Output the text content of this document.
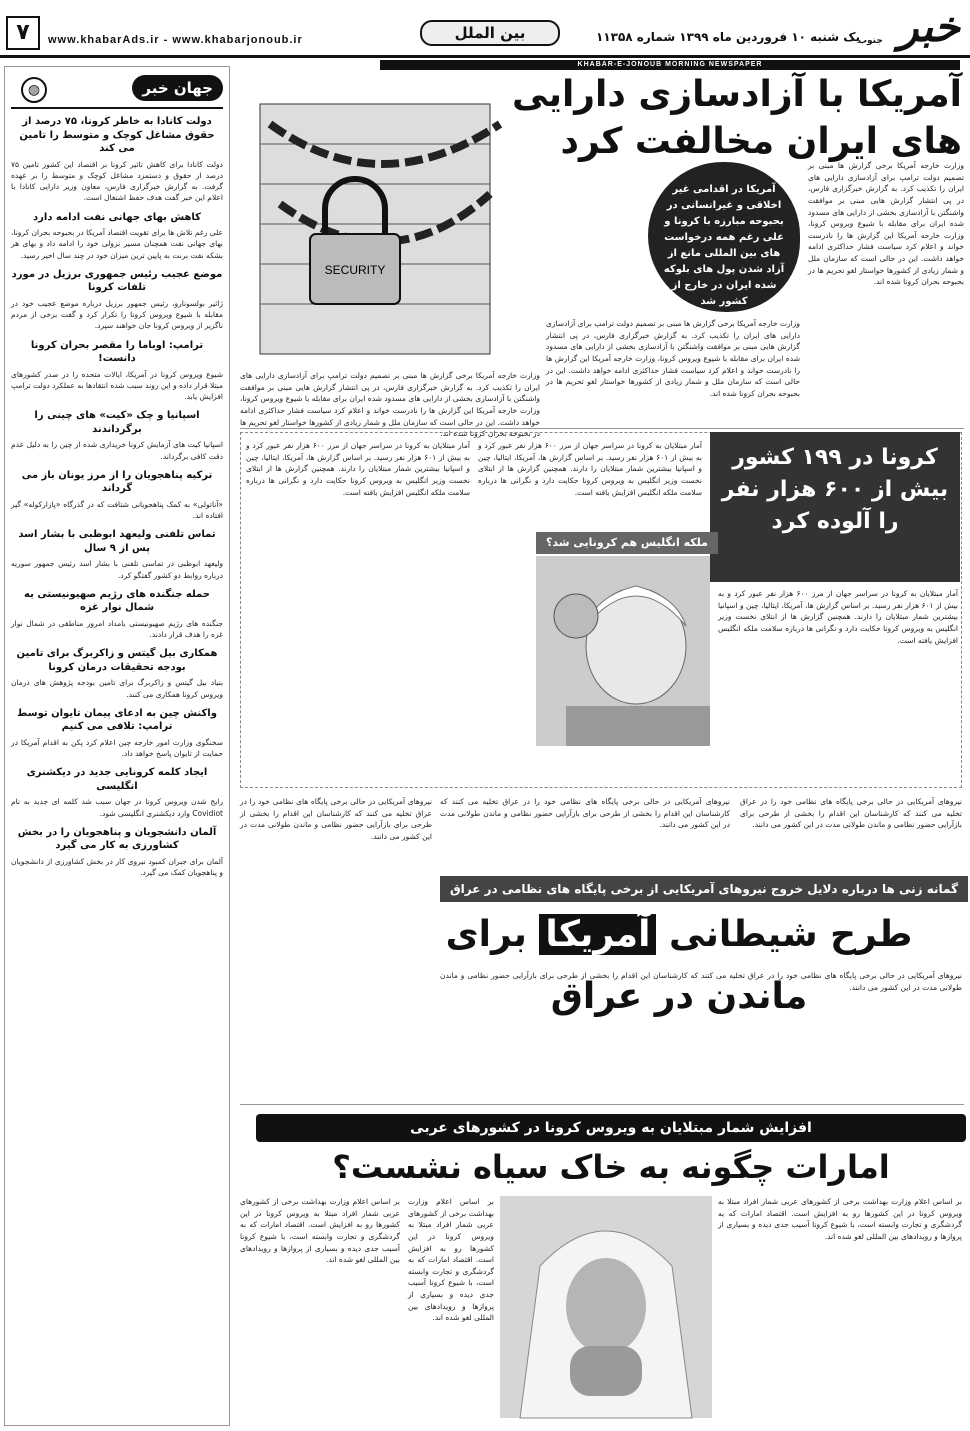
۷	www.khabarAds.ir - www.khabarjonoub.ir	بین الملل	یک شنبه ۱۰ فروردین ماه ۱۳۹۹ شماره ۱۱۳۵۸ خبر
جنوب
KHABAR-E-JONOUB MORNING NEWSPAPER
جهان خبر
◍
دولت کانادا به خاطر کرونا، ۷۵ درصد از حقوق مشاغل کوچک و متوسط را تامین می کند

دولت کانادا برای کاهش تاثیر کرونا بر اقتصاد این کشور تامین ۷۵ درصد از حقوق و دستمزد مشاغل کوچک و متوسط را بر عهده گرفت. به گزارش خبرگزاری فارس، معاون وزیر دارایی کانادا با اعلام این خبر گفت هدف حفظ اشتغال است.

کاهش بهای جهانی نفت ادامه دارد

علی رغم تلاش ها برای تقویت اقتصاد آمریکا در بحبوحه بحران کرونا، بهای جهانی نفت همچنان مسیر نزولی خود را ادامه داد و بهای هر بشکه نفت برنت به پایین ترین میزان خود در چند سال اخیر رسید.

موضع عجیب رئیس جمهوری برزیل در مورد تلفات کرونا

ژائیر بولسونارو، رئیس جمهور برزیل درباره موضع عجیب خود در مقابله با شیوع ویروس کرونا را تکرار کرد و گفت برخی از مردم ناگزیر از ویروس کرونا جان خواهند سپرد.

ترامپ: اوباما را مقصر بحران کرونا دانست!

شیوع ویروس کرونا در آمریکا، ایالات متحده را در صدر کشورهای مبتلا قرار داده و این روند سبب شده انتقادها به عملکرد دولت ترامپ افزایش یابد.

اسپانیا و چک «کیت» های چینی را برگرداندند

اسپانیا کیت های آزمایش کرونا خریداری شده از چین را به دلیل عدم دقت کافی برگرداند.

ترکیه پناهجویان را از مرز یونان باز می گرداند

«آناتولی» به کمک پناهجویانی شتافت که در گذرگاه «پازارکوله» گیر افتاده اند.

تماس تلفنی ولیعهد ابوظبی با بشار اسد پس از ۹ سال

ولیعهد ابوظبی در تماسی تلفنی با بشار اسد رئیس جمهور سوریه درباره روابط دو کشور گفتگو کرد.

حمله جنگنده های رژیم صهیونیستی به شمال نوار غزه

جنگنده های رژیم صهیونیستی بامداد امروز مناطقی در شمال نوار غزه را هدف قرار دادند.

همکاری بیل گیتس و زاکربرگ برای تامین بودجه تحقیقات درمان کرونا

بنیاد بیل گیتس و زاکربرگ برای تامین بودجه پژوهش های درمان ویروس کرونا همکاری می کنند.

واکنش چین به ادعای پیمان تایوان توسط ترامپ: تلافی می کنیم

سخنگوی وزارت امور خارجه چین اعلام کرد پکن به اقدام آمریکا در حمایت از تایوان پاسخ خواهد داد.

ایجاد کلمه کرونایی جدید در دیکشنری انگلیسی

رایج شدن ویروس کرونا در جهان سبب شد کلمه ای جدید به نام Covidiot وارد دیکشنری انگلیسی شود.

آلمان دانشجویان و پناهجویان را در بخش کشاورزی به کار می گیرد

آلمان برای جبران کمبود نیروی کار در بخش کشاورزی از دانشجویان و پناهجویان کمک می گیرد.

آمریکا با آزادسازی دارایی های ایران مخالفت کرد
SECURITY
آمریکا در اقدامی غیر اخلاقی و غیرانسانی در بحبوحه مبارزه با کرونا و علی رغم همه درخواست های بین المللی مانع از آزاد شدن پول های بلوکه شده ایران در خارج از کشور شد
وزارت خارجه آمریکا برخی گزارش ها مبنی بر تصمیم دولت ترامپ برای آزادسازی دارایی های ایران را تکذیب کرد. به گزارش خبرگزاری فارس، در پی انتشار گزارش هایی مبنی بر موافقت واشنگتن با آزادسازی بخشی از دارایی های مسدود شده ایران برای مقابله با شیوع ویروس کرونا، وزارت خارجه آمریکا این گزارش ها را نادرست خواند و اعلام کرد سیاست فشار حداکثری ادامه خواهد داشت. این در حالی است که سازمان ملل و شمار زیادی از کشورها خواستار لغو تحریم ها در بحبوحه بحران کرونا شده اند.
وزارت خارجه آمریکا برخی گزارش ها مبنی بر تصمیم دولت ترامپ برای آزادسازی دارایی های ایران را تکذیب کرد. به گزارش خبرگزاری فارس، در پی انتشار گزارش هایی مبنی بر موافقت واشنگتن با آزادسازی بخشی از دارایی های مسدود شده ایران برای مقابله با شیوع ویروس کرونا، وزارت خارجه آمریکا این گزارش ها را نادرست خواند و اعلام کرد سیاست فشار حداکثری ادامه خواهد داشت. این در حالی است که سازمان ملل و شمار زیادی از کشورها خواستار لغو تحریم ها در بحبوحه بحران کرونا شده اند.
وزارت خارجه آمریکا برخی گزارش ها مبنی بر تصمیم دولت ترامپ برای آزادسازی دارایی های ایران را تکذیب کرد. به گزارش خبرگزاری فارس، در پی انتشار گزارش هایی مبنی بر موافقت واشنگتن با آزادسازی بخشی از دارایی های مسدود شده ایران برای مقابله با شیوع ویروس کرونا، وزارت خارجه آمریکا این گزارش ها را نادرست خواند و اعلام کرد سیاست فشار حداکثری ادامه خواهد داشت. این در حالی است که سازمان ملل و شمار زیادی از کشورها خواستار لغو تحریم ها در بحبوحه بحران کرونا شده اند.
کرونا در ۱۹۹ کشور بیش از ۶۰۰ هزار نفر را آلوده کرد
ملکه انگلیس هم کرونایی شد؟
آمار مبتلایان به کرونا در سراسر جهان از مرز ۶۰۰ هزار نفر عبور کرد و به بیش از ۶۰۱ هزار نفر رسید. بر اساس گزارش ها، آمریکا، ایتالیا، چین و اسپانیا بیشترین شمار مبتلایان را دارند. همچنین گزارش ها از ابتلای نخست وزیر انگلیس به ویروس کرونا حکایت دارد و نگرانی ها درباره سلامت ملکه انگلیس افزایش یافته است.
آمار مبتلایان به کرونا در سراسر جهان از مرز ۶۰۰ هزار نفر عبور کرد و به بیش از ۶۰۱ هزار نفر رسید. بر اساس گزارش ها، آمریکا، ایتالیا، چین و اسپانیا بیشترین شمار مبتلایان را دارند. همچنین گزارش ها از ابتلای نخست وزیر انگلیس به ویروس کرونا حکایت دارد و نگرانی ها درباره سلامت ملکه انگلیس افزایش یافته است.
آمار مبتلایان به کرونا در سراسر جهان از مرز ۶۰۰ هزار نفر عبور کرد و به بیش از ۶۰۱ هزار نفر رسید. بر اساس گزارش ها، آمریکا، ایتالیا، چین و اسپانیا بیشترین شمار مبتلایان را دارند. همچنین گزارش ها از ابتلای نخست وزیر انگلیس به ویروس کرونا حکایت دارد و نگرانی ها درباره سلامت ملکه انگلیس افزایش یافته است.
نیروهای آمریکایی در حالی برخی پایگاه های نظامی خود را در عراق تخلیه می کنند که کارشناسان این اقدام را بخشی از طرحی برای بازآرایی حضور نظامی و ماندن طولانی مدت در این کشور می دانند.
نیروهای آمریکایی در حالی برخی پایگاه های نظامی خود را در عراق تخلیه می کنند که کارشناسان این اقدام را بخشی از طرحی برای بازآرایی حضور نظامی و ماندن طولانی مدت در این کشور می دانند.
نیروهای آمریکایی در حالی برخی پایگاه های نظامی خود را در عراق تخلیه می کنند که کارشناسان این اقدام را بخشی از طرحی برای بازآرایی حضور نظامی و ماندن طولانی مدت در این کشور می دانند.
گمانه زنی ها درباره دلایل خروج نیروهای آمریکایی از برخی پایگاه های نظامی در عراق
طرح شیطانی آمریکا برای ماندن در عراق
نیروهای آمریکایی در حالی برخی پایگاه های نظامی خود را در عراق تخلیه می کنند که کارشناسان این اقدام را بخشی از طرحی برای بازآرایی حضور نظامی و ماندن طولانی مدت در این کشور می دانند.
افزایش شمار مبتلایان به ویروس کرونا در کشورهای عربی
امارات چگونه به خاک سیاه نشست؟
بر اساس اعلام وزارت بهداشت برخی از کشورهای عربی شمار افراد مبتلا به ویروس کرونا در این کشورها رو به افزایش است. اقتصاد امارات که به گردشگری و تجارت وابسته است، با شیوع کرونا آسیب جدی دیده و بسیاری از پروازها و رویدادهای بین المللی لغو شده اند.
بر اساس اعلام وزارت بهداشت برخی از کشورهای عربی شمار افراد مبتلا به ویروس کرونا در این کشورها رو به افزایش است. اقتصاد امارات که به گردشگری و تجارت وابسته است، با شیوع کرونا آسیب جدی دیده و بسیاری از پروازها و رویدادهای بین المللی لغو شده اند.
بر اساس اعلام وزارت بهداشت برخی از کشورهای عربی شمار افراد مبتلا به ویروس کرونا در این کشورها رو به افزایش است. اقتصاد امارات که به گردشگری و تجارت وابسته است، با شیوع کرونا آسیب جدی دیده و بسیاری از پروازها و رویدادهای بین المللی لغو شده اند.
